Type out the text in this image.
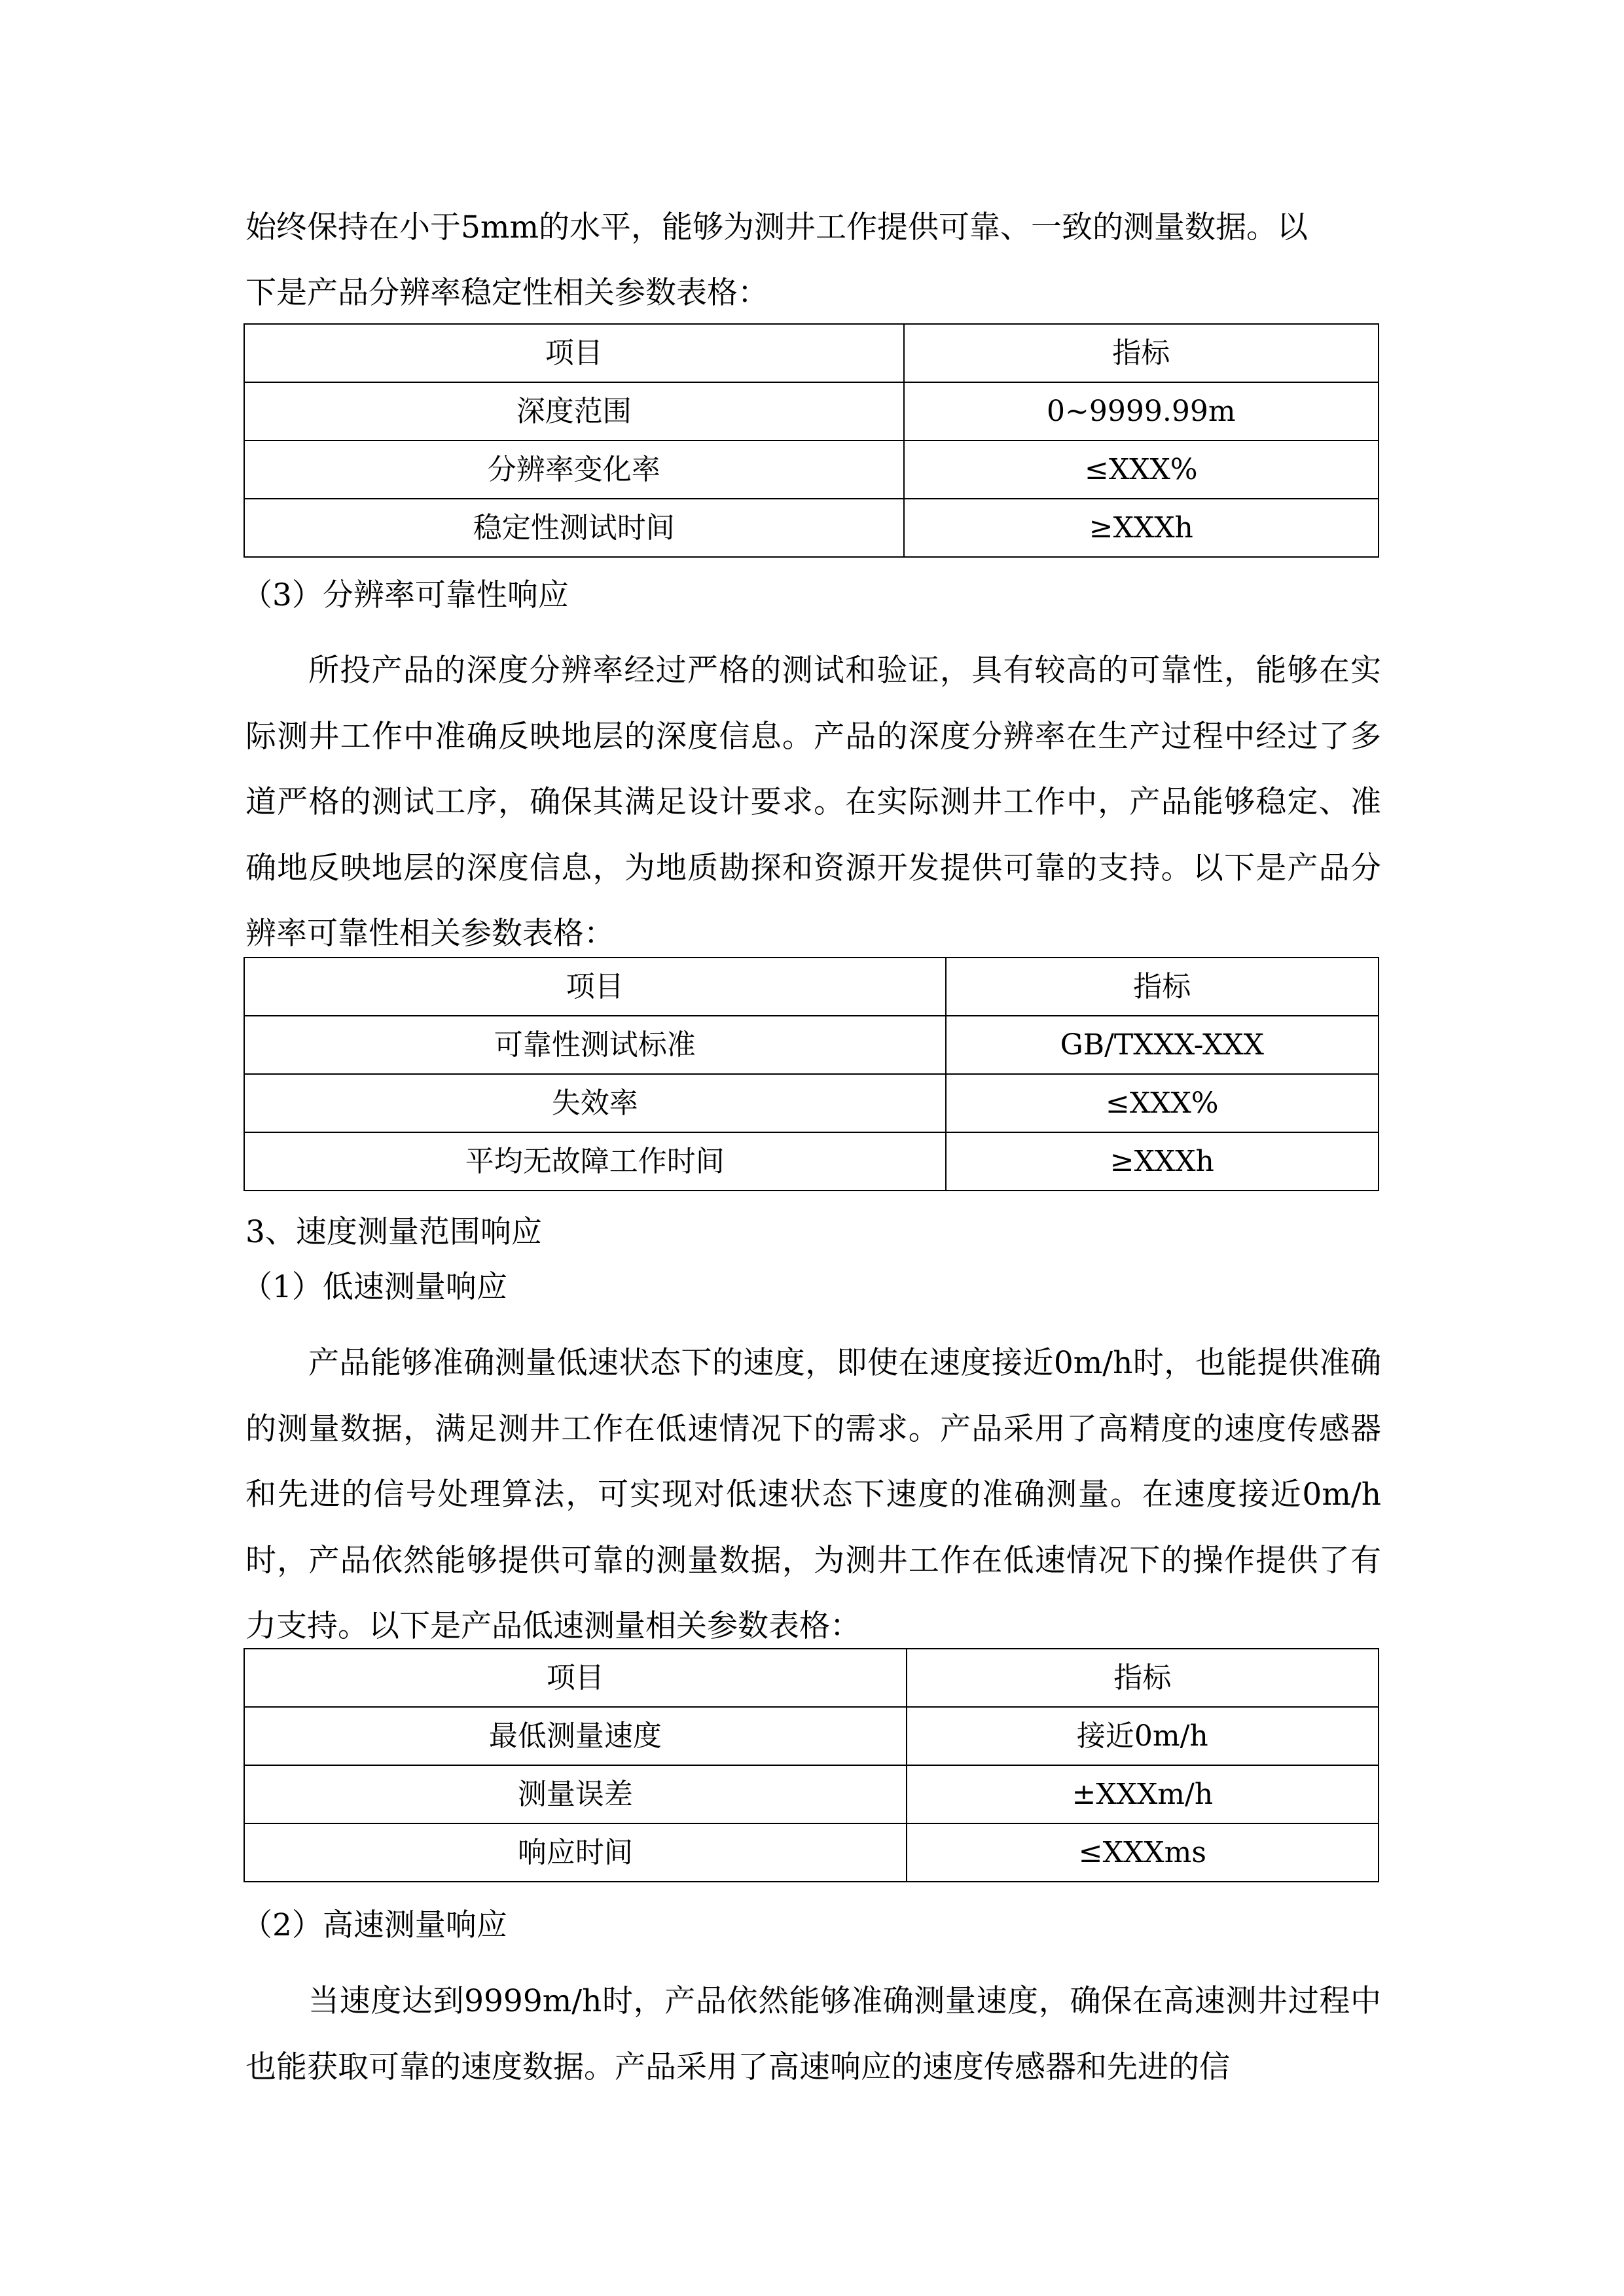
始终保持在小于5mm的水平，能够为测井工作提供可靠、一致的测量数据。以
下是产品分辨率稳定性相关参数表格：
项目	指标
深度范围	0~9999.99m
分辨率变化率	≤XXX%
稳定性测试时间	≥XXXh
（3）分辨率可靠性响应
所投产品的深度分辨率经过严格的测试和验证，具有较高的可靠性，能够在实际测井工作中准确反映地层的深度信息。产品的深度分辨率在生产过程中经过了多道严格的测试工序，确保其满足设计要求。在实际测井工作中，产品能够稳定、准确地反映地层的深度信息，为地质勘探和资源开发提供可靠的支持。以下是产品分辨率可靠性相关参数表格：
项目	指标
可靠性测试标准	GB/TXXX-XXX
失效率	≤XXX%
平均无故障工作时间	≥XXXh
3、速度测量范围响应
（1）低速测量响应
产品能够准确测量低速状态下的速度，即使在速度接近0m/h时，也能提供准确的测量数据，满足测井工作在低速情况下的需求。产品采用了高精度的速度传感器和先进的信号处理算法，可实现对低速状态下速度的准确测量。在速度接近0m/h时，产品依然能够提供可靠的测量数据，为测井工作在低速情况下的操作提供了有力支持。以下是产品低速测量相关参数表格：
项目	指标
最低测量速度	接近0m/h
测量误差	±XXXm/h
响应时间	≤XXXms
（2）高速测量响应
当速度达到9999m/h时，产品依然能够准确测量速度，确保在高速测井过程中也能获取可靠的速度数据。产品采用了高速响应的速度传感器和先进的信
